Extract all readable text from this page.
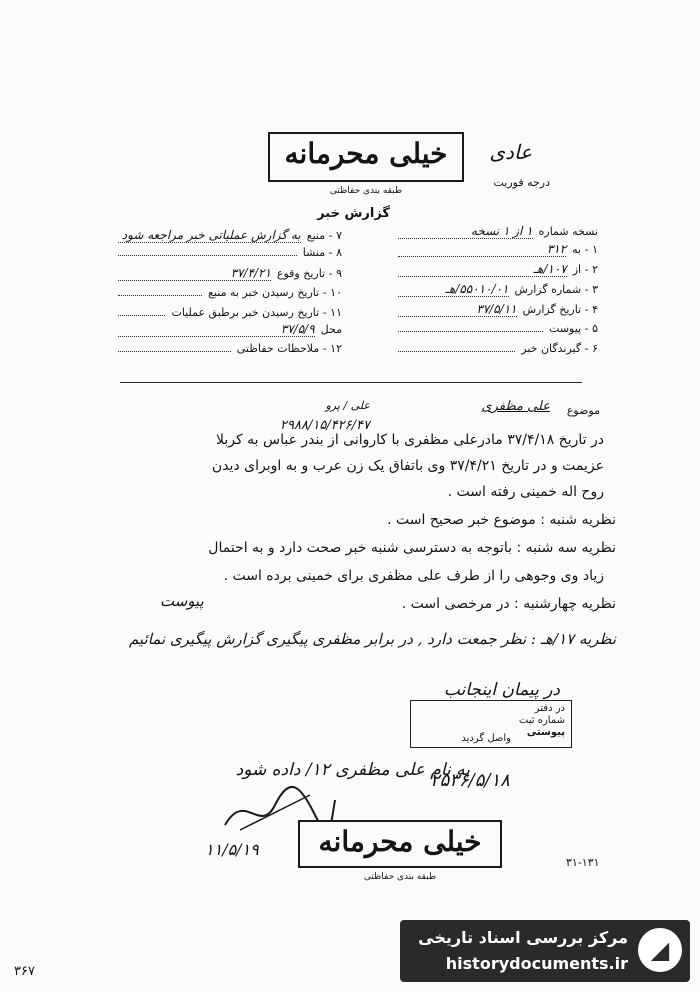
خیلی محرمانه
طبقه بندی حفاظتی
عادی
درجه فوریت
گزارش خبر
موضوع
علی مظفری
علی / پرو
۲۹۸۸/۱۵/۴۲۶/۴۷
پیوست
در پیمان اینجانب
در دفتر
شماره ثبت
پیوستی
واصل گردید
به نام علی مظفری ۱۲/ داده شود
۲۵۳۶/۵/۱۸
۱۱/۵/۱۹	خیلی محرمانه
طبقه بندی حفاظتی
۳۱-۱۳۱
۳۶۷
◢
مرکز بررسی اسناد تاریخی
historydocuments.ir
نسخه شماره
۱ از ۱ نسخه
۱ - به
۳۱۲
۲ - از
۱۰۷/هـ
۳ - شماره گزارش
۵۵۰۱۰/۰۱/هـ
۴ - تاریخ گزارش
۳۷/۵/۱۱
۵ - پیوست
۶ - گیرندگان خبر
۷ - منبع
به گزارش عملیاتی خبر مراجعه شود
۸ - منشا
۹ - تاریخ وقوع
۳۷/۴/۲۱
۱۰ - تاریخ رسیدن خبر به منبع
۱۱ - تاریخ رسیدن خبر برطبق عملیات
محل
۳۷/۵/۹
۱۲ - ملاحظات حفاظتی
در تاریخ ۳۷/۴/۱۸ مادرعلی مظفری با کاروانی از بندر عباس به کربلا
عزیمت و در تاریخ ۳۷/۴/۲۱ وی باتفاق یک زن عرب و به اوبرای دیدن
روح اله خمینی رفته است .
نظریه شنبه : موضوع خبر صحیح است .
نظریه سه شنبه : باتوجه به دسترسی شنبه خبر صحت دارد و به احتمال
زیاد وی وجوهی را از طرف علی مظفری برای خمینی برده است .
نظریه چهارشنبه : در مرخصی است .
نظریه ۱۷/هـ : نظر جمعت دارد , در برابر مظفری پیگیری گزارش پیگیری نمائیم
